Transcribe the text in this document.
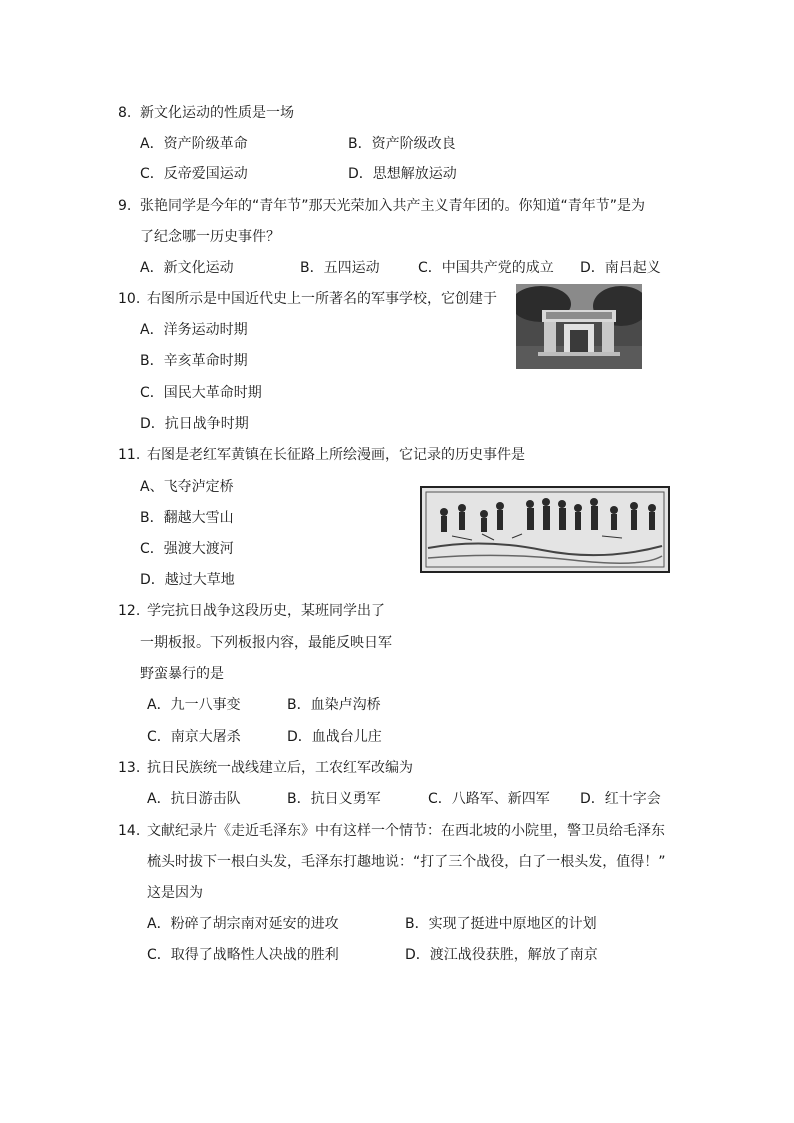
8. 新文化运动的性质是一场
A．资产阶级革命	B．资产阶级改良
C．反帝爱国运动	D．思想解放运动
9. 张艳同学是今年的“青年节”那天光荣加入共产主义青年团的。你知道“青年节”是为
了纪念哪一历史事件？
A．新文化运动	B．五四运动	C．中国共产党的成立 D．南吕起义
10. 右图所示是中国近代史上一所著名的军事学校，它创建于
A．洋务运动时期
B．辛亥革命时期
C．国民大革命时期
D．抗日战争时期
11. 右图是老红军黄镇在长征路上所绘漫画，它记录的历史事件是
A、飞夺泸定桥
B．翻越大雪山
C．强渡大渡河
D．越过大草地
12. 学完抗日战争这段历史，某班同学出了
一期板报。下列板报内容，最能反映日军
野蛮暴行的是
A．九一八事变	B．血染卢沟桥
C．南京大屠杀	D．血战台儿庄
13. 抗日民族统一战线建立后，工农红军改编为
A．抗日游击队	B．抗日义勇军	C．八路军、新四军 D．红十字会
14. 文献纪录片《走近毛泽东》中有这样一个情节：在西北坡的小院里，警卫员给毛泽东
梳头时拔下一根白头发，毛泽东打趣地说：“打了三个战役，白了一根头发，值得！”
这是因为
A．粉碎了胡宗南对延安的进攻	B．实现了挺进中原地区的计划
C．取得了战略性人决战的胜利	D．渡江战役获胜，解放了南京
